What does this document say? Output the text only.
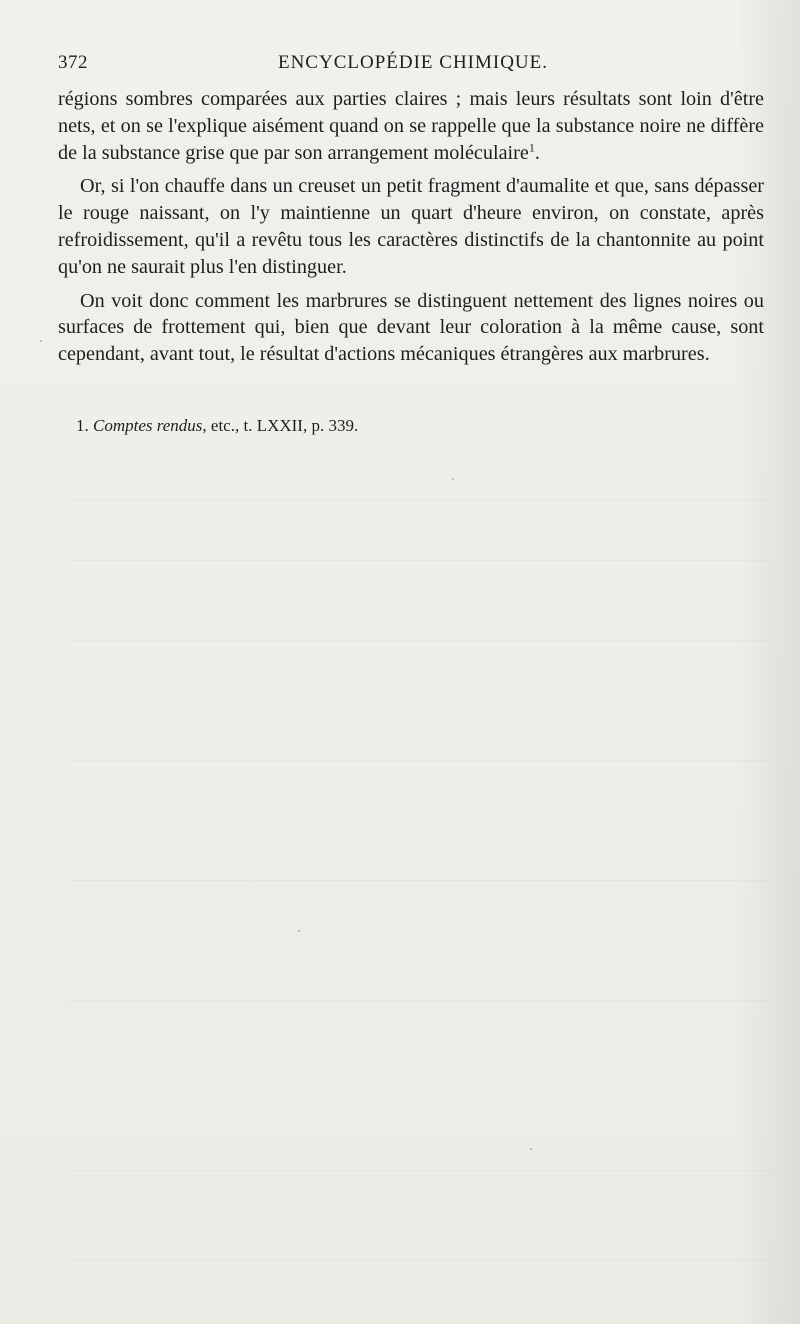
372	ENCYCLOPÉDIE CHIMIQUE.

régions sombres comparées aux parties claires ; mais leurs résultats sont loin d'être nets, et on se l'explique aisément quand on se rappelle que la substance noire ne diffère de la substance grise que par son arrangement moléculaire$^1$.

Or, si l'on chauffe dans un creuset un petit fragment d'aumalite et que, sans dépasser le rouge naissant, on l'y maintienne un quart d'heure environ, on constate, après refroidissement, qu'il a revêtu tous les caractères distinctifs de la chantonnite au point qu'on ne saurait plus l'en distinguer.

On voit donc comment les marbrures se distinguent nettement des lignes noires ou surfaces de frottement qui, bien que devant leur coloration à la même cause, sont cependant, avant tout, le résultat d'actions mécaniques étrangères aux marbrures.

1. Comptes rendus, etc., t. LXXII, p. 339.
